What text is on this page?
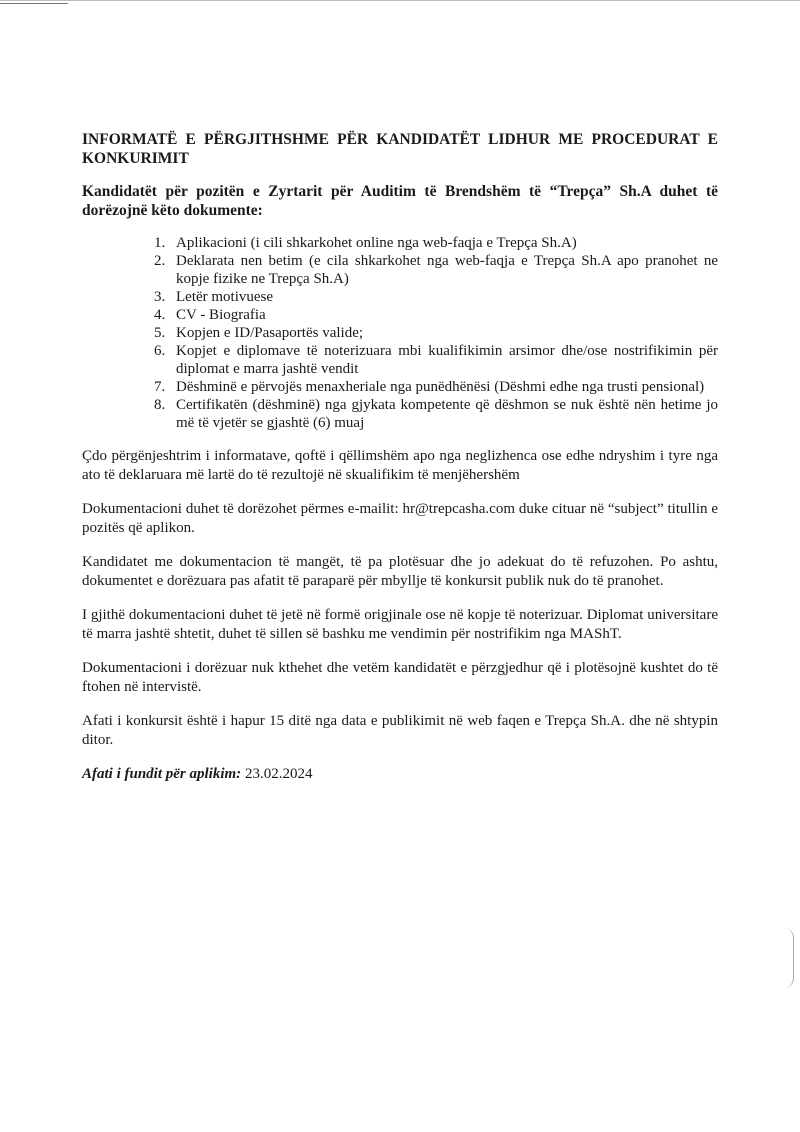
INFORMATË E PËRGJITHSHME PËR KANDIDATËT LIDHUR ME PROCEDURAT E KONKURIMIT

Kandidatët për pozitën e Zyrtarit për Auditim të Brendshëm të “Trepça” Sh.A duhet të dorëzojnë këto dokumente:

1. Aplikacioni (i cili shkarkohet online nga web-faqja e Trepça Sh.A)
2. Deklarata nen betim (e cila shkarkohet nga web-faqja e Trepça Sh.A apo pranohet ne kopje fizike ne Trepça Sh.A)
3. Letër motivuese
4. CV - Biografia
5. Kopjen e ID/Pasaportës valide;
6. Kopjet e diplomave të noterizuara mbi kualifikimin arsimor dhe/ose nostrifikimin për diplomat e marra jashtë vendit
7. Dëshminë e përvojës menaxheriale nga punëdhënësi (Dëshmi edhe nga trusti pensional)
8. Certifikatën (dëshminë) nga gjykata kompetente që dëshmon se nuk është nën hetime jo më të vjetër se gjashtë (6) muaj

Çdo përgënjeshtrim i informatave, qoftë i qëllimshëm apo nga neglizhenca ose edhe ndryshim i tyre nga ato të deklaruara më lartë do të rezultojë në skualifikim të menjëhershëm

Dokumentacioni duhet të dorëzohet përmes e-mailit: hr@trepcasha.com duke cituar në “subject” titullin e pozitës që aplikon.

Kandidatet me dokumentacion të mangët, të pa plotësuar dhe jo adekuat do të refuzohen. Po ashtu, dokumentet e dorëzuara pas afatit të paraparë për mbyllje të konkursit publik nuk do të pranohet.

I gjithë dokumentacioni duhet të jetë në formë origjinale ose në kopje të noterizuar. Diplomat universitare të marra jashtë shtetit, duhet të sillen së bashku me vendimin për nostrifikim nga MAShT.

Dokumentacioni i dorëzuar nuk kthehet dhe vetëm kandidatët e përzgjedhur që i plotësojnë kushtet do të ftohen në intervistë.

Afati i konkursit është i hapur 15 ditë nga data e publikimit në web faqen e Trepça Sh.A. dhe në shtypin ditor.

Afati i fundit për aplikim: 23.02.2024
